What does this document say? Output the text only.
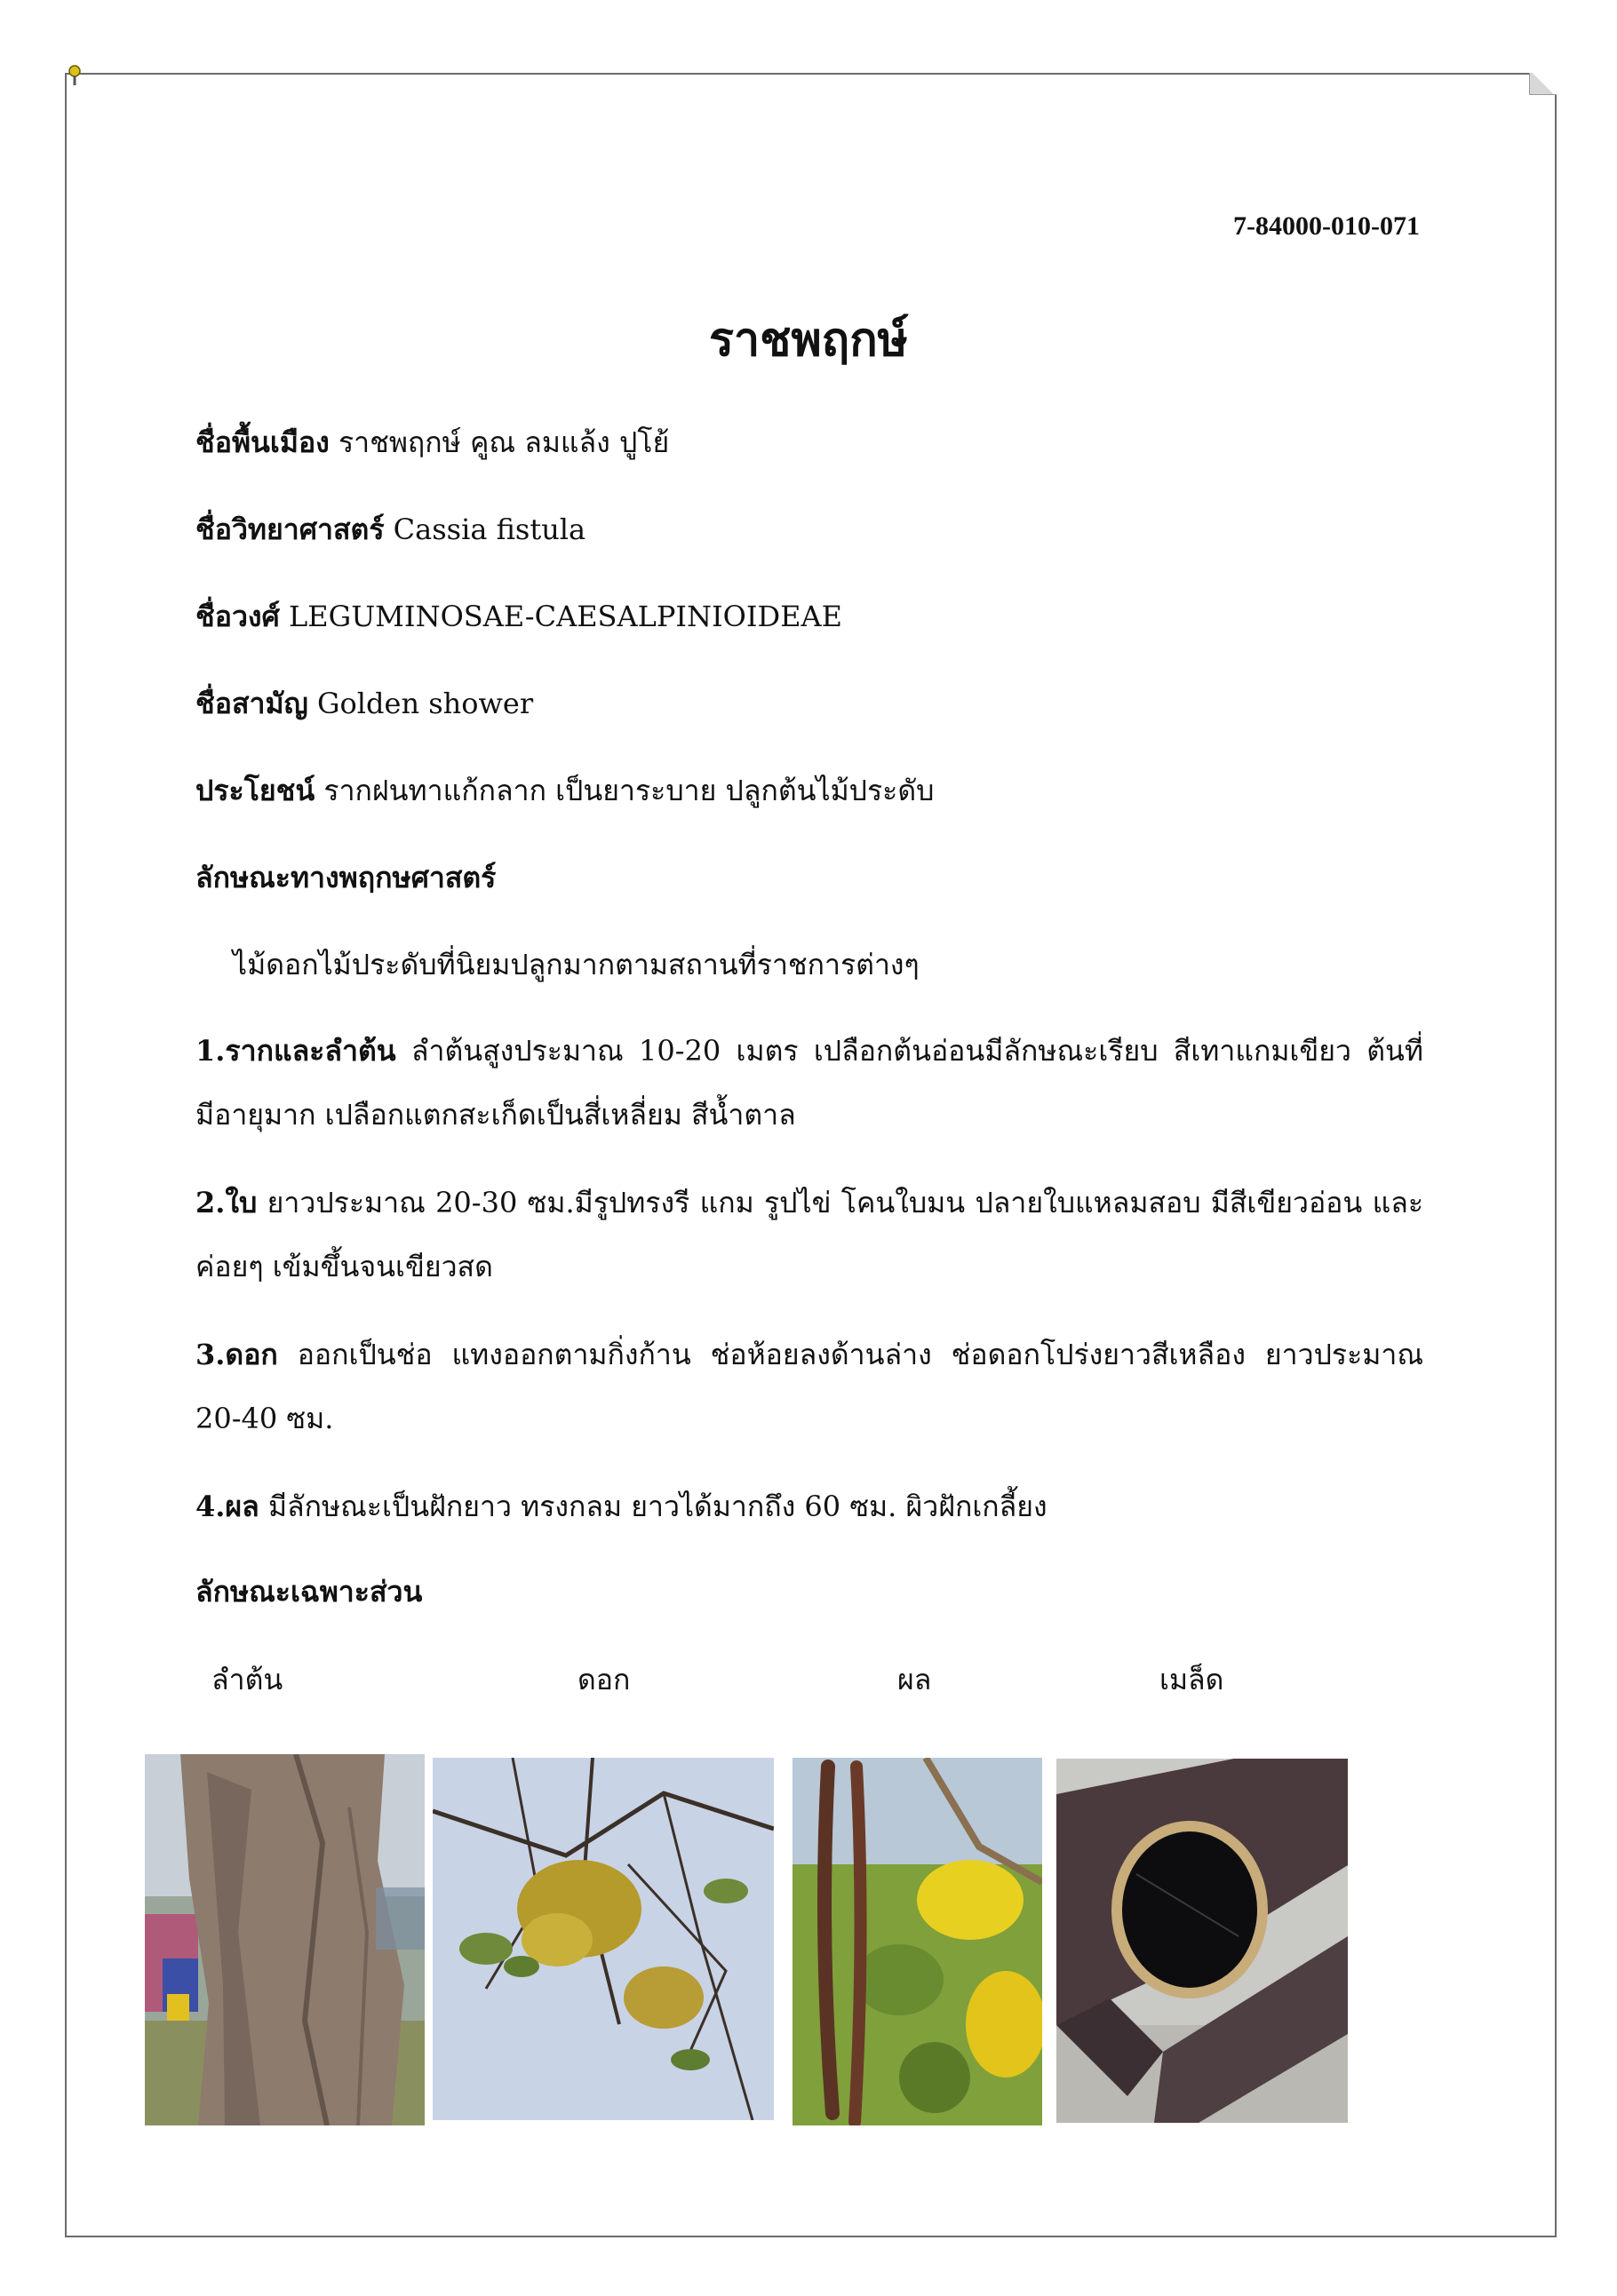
7-84000-010-071
ราชพฤกษ์
ชื่อพื้นเมือง ราชพฤกษ์ คูณ ลมแล้ง ปูโย้
ชื่อวิทยาศาสตร์ Cassia fistula
ชื่อวงศ์ LEGUMINOSAE-CAESALPINIOIDEAE
ชื่อสามัญ Golden shower
ประโยชน์ รากฝนทาแก้กลาก เป็นยาระบาย ปลูกต้นไม้ประดับ
ลักษณะทางพฤกษศาสตร์
ไม้ดอกไม้ประดับที่นิยมปลูกมากตามสถานที่ราชการต่างๆ
1.รากและลำต้น ลำต้นสูงประมาณ 10-20 เมตร เปลือกต้นอ่อนมีลักษณะเรียบ สีเทาแกมเขียว ต้นที่มีอายุมาก เปลือกแตกสะเก็ดเป็นสี่เหลี่ยม สีน้ำตาล
2.ใบ ยาวประมาณ 20-30 ซม.มีรูปทรงรี แกม รูปไข่ โคนใบมน ปลายใบแหลมสอบ มีสีเขียวอ่อน และค่อยๆ เข้มขึ้นจนเขียวสด
3.ดอก ออกเป็นช่อ แทงออกตามกิ่งก้าน ช่อห้อยลงด้านล่าง ช่อดอกโปร่งยาวสีเหลือง ยาวประมาณ 20-40 ซม.
4.ผล มีลักษณะเป็นฝักยาว ทรงกลม ยาวได้มากถึง 60 ซม. ผิวฝักเกลี้ยง
ลักษณะเฉพาะส่วน
ลำต้น	ดอก	ผล	เมล็ด
